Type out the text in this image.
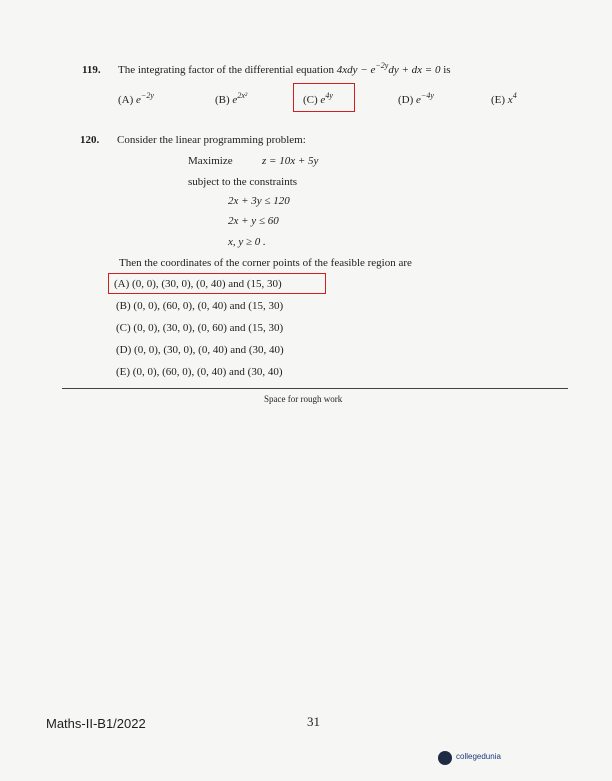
119. The integrating factor of the differential equation $4xdy - e^{-2y}dy$ + dx = 0 is
(A) $e^{-2y}$	(B) $e^{2x^2}$	(C) $e^{4y}$	(D) $e^{-4y}$	(E) $x^4$
120. Consider the linear programming problem:
Maximize	z = 10x + 5y
subject to the constraints
2x + 3y ≤ 120
2x + y ≤ 60
x, y ≥ 0 .
Then the coordinates of the corner points of the feasible region are
(A) (0, 0), (30, 0), (0, 40) and (15, 30)
(B) (0, 0), (60, 0), (0, 40) and (15, 30)
(C) (0, 0), (30, 0), (0, 60) and (15, 30)
(D) (0, 0), (30, 0), (0, 40) and (30, 40)
(E) (0, 0), (60, 0), (0, 40) and (30, 40)
Space for rough work
Maths-II-B1/2022	31
collegedunia
